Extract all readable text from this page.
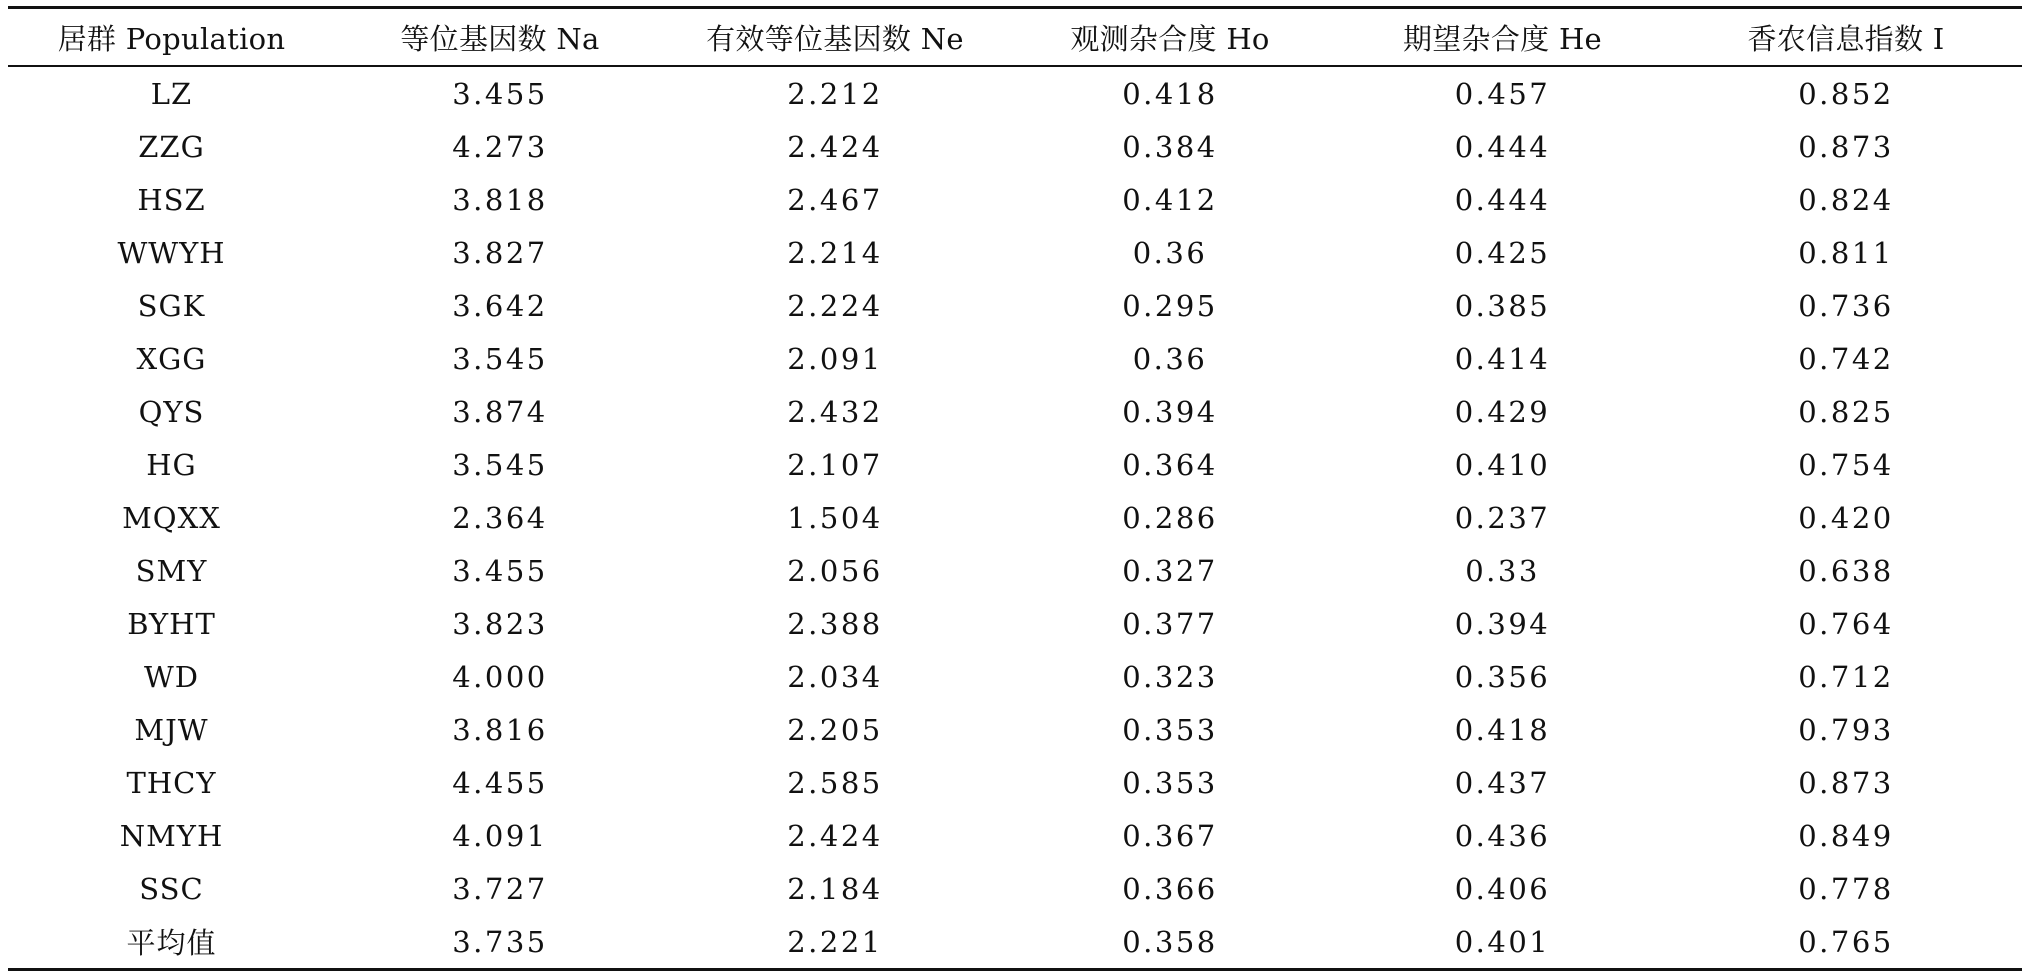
居群 Population	等位基因数 Na	有效等位基因数 Ne	观测杂合度 Ho	期望杂合度 He	香农信息指数 I
LZ	3.455	2.212	0.418	0.457	0.852
ZZG	4.273	2.424	0.384	0.444	0.873
HSZ	3.818	2.467	0.412	0.444	0.824
WWYH	3.827	2.214	0.36	0.425	0.811
SGK	3.642	2.224	0.295	0.385	0.736
XGG	3.545	2.091	0.36	0.414	0.742
QYS	3.874	2.432	0.394	0.429	0.825
HG	3.545	2.107	0.364	0.410	0.754
MQXX	2.364	1.504	0.286	0.237	0.420
SMY	3.455	2.056	0.327	0.33	0.638
BYHT	3.823	2.388	0.377	0.394	0.764
WD	4.000	2.034	0.323	0.356	0.712
MJW	3.816	2.205	0.353	0.418	0.793
THCY	4.455	2.585	0.353	0.437	0.873
NMYH	4.091	2.424	0.367	0.436	0.849
SSC	3.727	2.184	0.366	0.406	0.778
平均值	3.735	2.221	0.358	0.401	0.765
